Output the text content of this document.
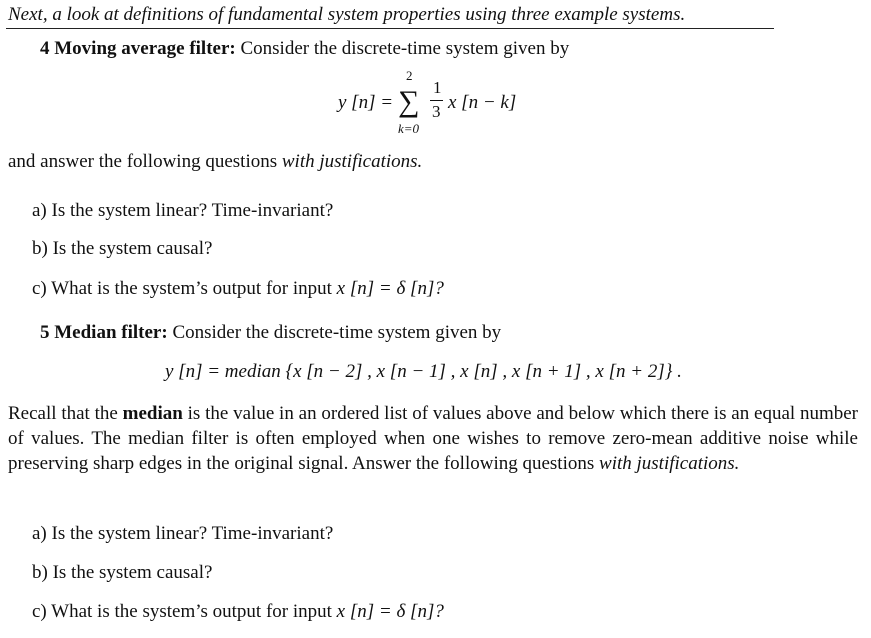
Next, a look at definitions of fundamental system properties using three example systems.
4 Moving average filter: Consider the discrete-time system given by
y [n] = ∑
2
k=0
1
3 x [n − k]
and answer the following questions with justifications.
a) Is the system linear? Time-invariant?
b) Is the system causal?
c) What is the system’s output for input x [n] = δ [n]?
5 Median filter: Consider the discrete-time system given by
y [n] = median {x [n − 2] , x [n − 1] , x [n] , x [n + 1] , x [n + 2]} .
Recall that the median is the value in an ordered list of values above and below which there is an equal number of values. The median filter is often employed when one wishes to remove zero-mean additive noise while preserving sharp edges in the original signal. Answer the following questions with justifications.
a) Is the system linear? Time-invariant?
b) Is the system causal?
c) What is the system’s output for input x [n] = δ [n]?
